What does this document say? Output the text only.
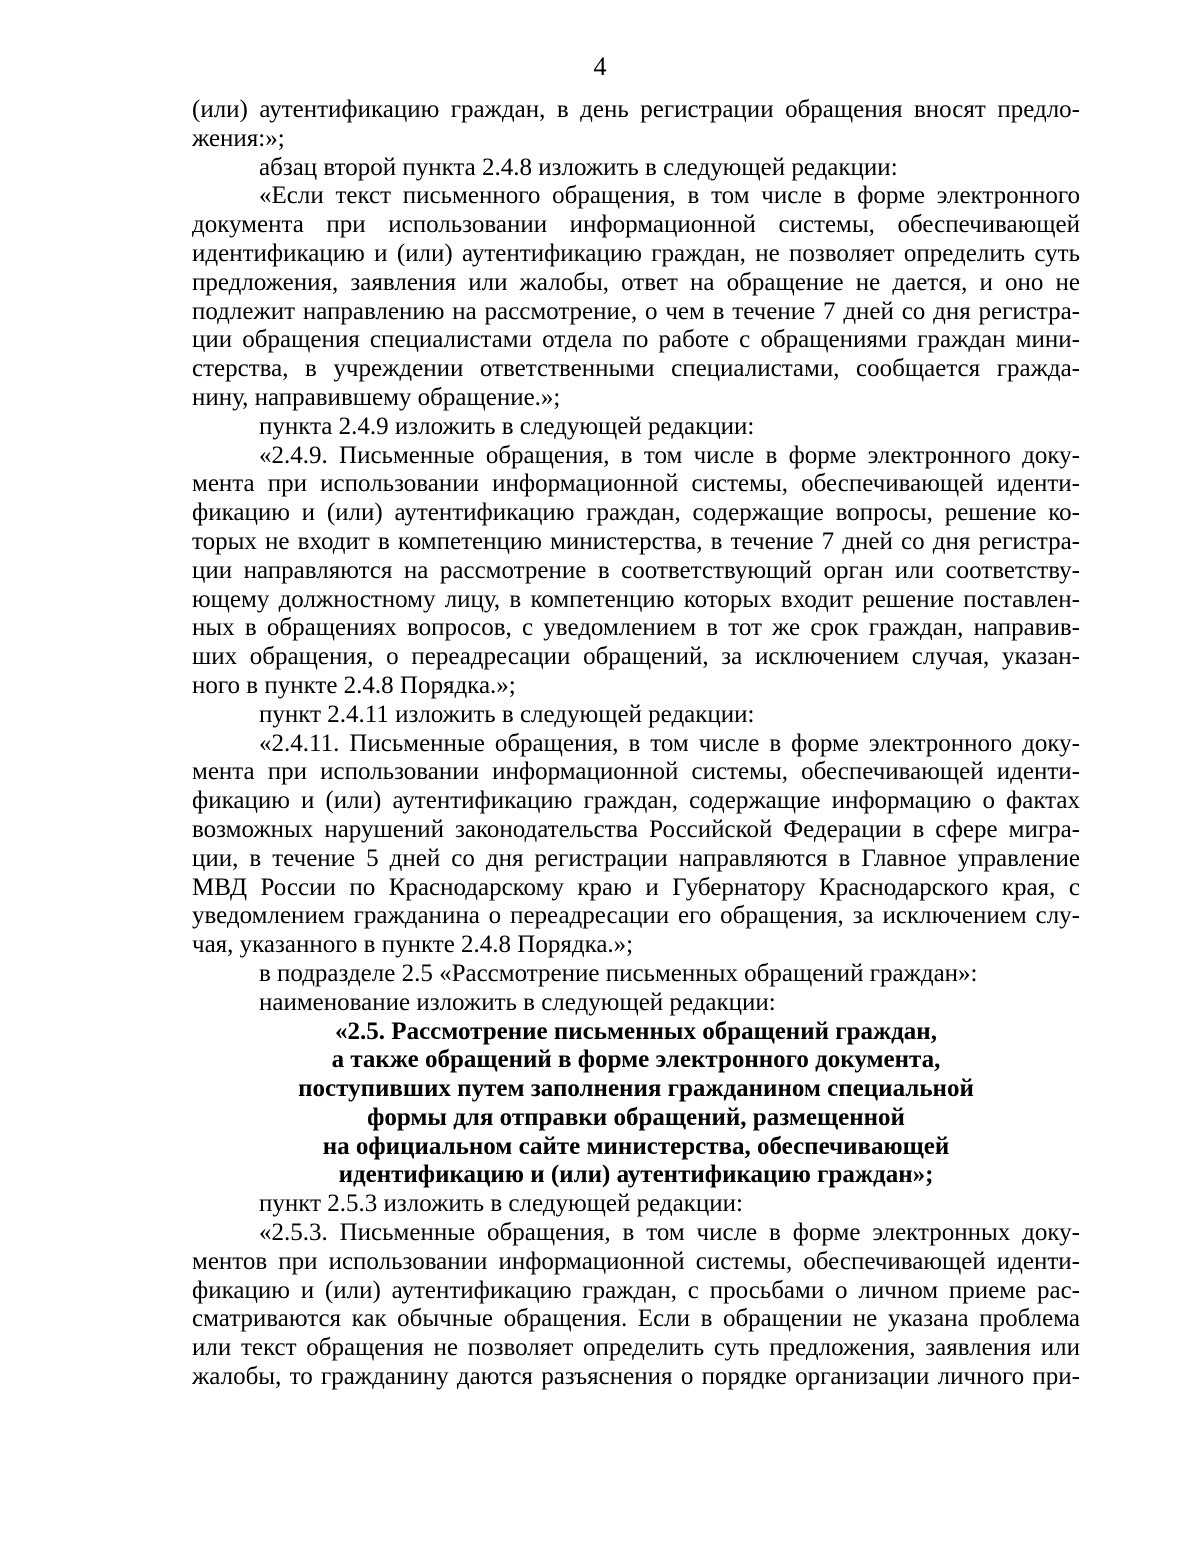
4
(или) аутентификацию граждан, в день регистрации обращения вносят предло-
жения:»;
абзац второй пункта 2.4.8 изложить в следующей редакции:
«Если текст письменного обращения, в том числе в форме электронного
документа при использовании информационной системы, обеспечивающей
идентификацию и (или) аутентификацию граждан, не позволяет определить суть
предложения, заявления или жалобы, ответ на обращение не дается, и оно не
подлежит направлению на рассмотрение, о чем в течение 7 дней со дня регистра-
ции обращения специалистами отдела по работе с обращениями граждан мини-
стерства, в учреждении ответственными специалистами, сообщается гражда-
нину, направившему обращение.»;
пункта 2.4.9 изложить в следующей редакции:
«2.4.9. Письменные обращения, в том числе в форме электронного доку-
мента при использовании информационной системы, обеспечивающей иденти-
фикацию и (или) аутентификацию граждан, содержащие вопросы, решение ко-
торых не входит в компетенцию министерства, в течение 7 дней со дня регистра-
ции направляются на рассмотрение в соответствующий орган или соответству-
ющему должностному лицу, в компетенцию которых входит решение поставлен-
ных в обращениях вопросов, с уведомлением в тот же срок граждан, направив-
ших обращения, о переадресации обращений, за исключением случая, указан-
ного в пункте 2.4.8 Порядка.»;
пункт 2.4.11 изложить в следующей редакции:
«2.4.11. Письменные обращения, в том числе в форме электронного доку-
мента при использовании информационной системы, обеспечивающей иденти-
фикацию и (или) аутентификацию граждан, содержащие информацию о фактах
возможных нарушений законодательства Российской Федерации в сфере мигра-
ции, в течение 5 дней со дня регистрации направляются в Главное управление
МВД России по Краснодарскому краю и Губернатору Краснодарского края, с
уведомлением гражданина о переадресации его обращения, за исключением слу-
чая, указанного в пункте 2.4.8 Порядка.»;
в подразделе 2.5 «Рассмотрение письменных обращений граждан»:
наименование изложить в следующей редакции:
«2.5. Рассмотрение письменных обращений граждан,
а также обращений в форме электронного документа,
поступивших путем заполнения гражданином специальной
формы для отправки обращений, размещенной
на официальном сайте министерства, обеспечивающей
идентификацию и (или) аутентификацию граждан»;
пункт 2.5.3 изложить в следующей редакции:
«2.5.3. Письменные обращения, в том числе в форме электронных доку-
ментов при использовании информационной системы, обеспечивающей иденти-
фикацию и (или) аутентификацию граждан, с просьбами о личном приеме рас-
сматриваются как обычные обращения. Если в обращении не указана проблема
или текст обращения не позволяет определить суть предложения, заявления или
жалобы, то гражданину даются разъяснения о порядке организации личного при-
